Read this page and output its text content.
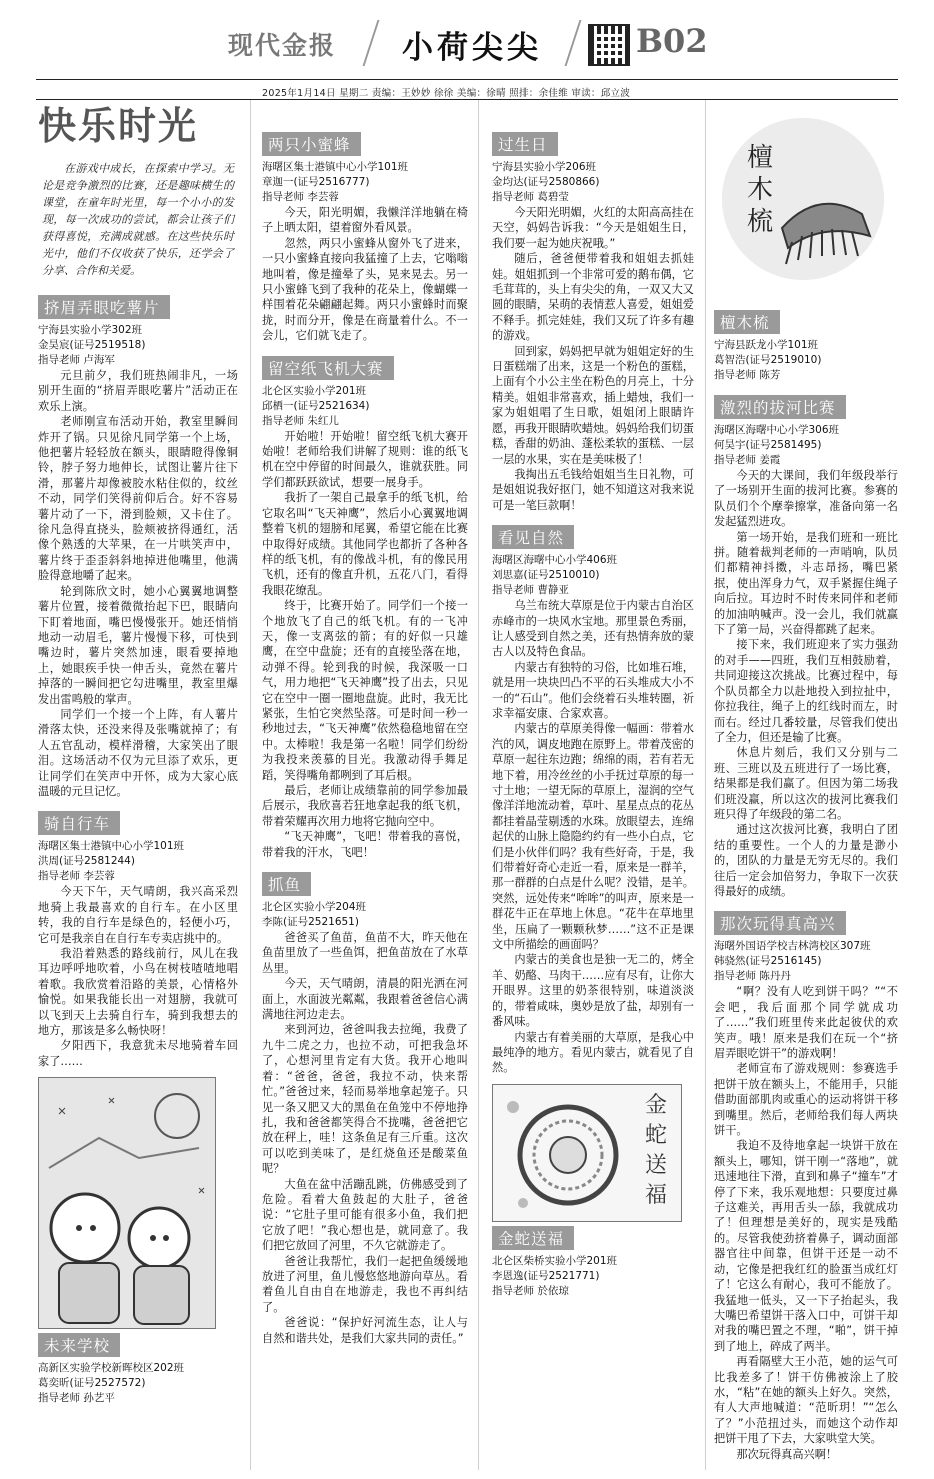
现代金报 小荷尖尖	B02
2025年1月14日 星期二 责编：王妙妙 徐徐 美编：徐晴 照排：余佳维 审读：邱立波
快乐时光

在游戏中成长，在探索中学习。无论是竞争激烈的比赛，还是趣味横生的课堂，在童年时光里，每一个小小的发现，每一次成功的尝试，都会让孩子们获得喜悦，充满成就感。在这些快乐时光中，他们不仅收获了快乐，还学会了分享、合作和关爱。

挤眉弄眼吃薯片
宁海县实验小学302班
金昊宸(证号2519518)
指导老师 卢海军

元旦前夕，我们班热闹非凡，一场别开生面的“挤眉弄眼吃薯片”活动正在欢乐上演。

老师刚宣布活动开始，教室里瞬间炸开了锅。只见徐凡同学第一个上场，他把薯片轻轻放在额头，眼睛瞪得像铜铃，脖子努力地伸长，试图让薯片往下滑，那薯片却像被胶水粘住似的，纹丝不动，同学们笑得前仰后合。好不容易薯片动了一下，滑到脸颊，又卡住了。徐凡急得直挠头，脸颊被挤得通红，活像个熟透的大苹果，在一片哄笑声中，薯片终于歪歪斜斜地掉进他嘴里，他满脸得意地嚼了起来。

轮到陈欣文时，她小心翼翼地调整薯片位置，接着微微抬起下巴，眼睛向下盯着地面，嘴巴慢慢张开。她还悄悄地动一动眉毛，薯片慢慢下移，可快到嘴边时，薯片突然加速，眼看要掉地上，她眼疾手快一伸舌头，竟然在薯片掉落的一瞬间把它勾进嘴里，教室里爆发出雷鸣般的掌声。

同学们一个接一个上阵，有人薯片滑落太快，还没来得及张嘴就掉了；有人五官乱动，模样滑稽，大家笑出了眼泪。这场活动不仅为元旦添了欢乐，更让同学们在笑声中开怀，成为大家心底温暖的元旦记忆。

骑自行车
海曙区集士港镇中心小学101班
洪周(证号2581244)
指导老师 李芸蓉

今天下午，天气晴朗，我兴高采烈地骑上我最喜欢的自行车。在小区里转，我的自行车是绿色的，轻便小巧，它可是我亲自在自行车专卖店挑中的。

我沿着熟悉的路线前行，风儿在我耳边呼呼地吹着，小鸟在树枝喳喳地唱着歌。我欣赏着沿路的美景，心情格外愉悦。如果我能长出一对翅膀，我就可以飞到天上去骑自行车，骑到我想去的地方，那该是多么畅快呀！

夕阳西下，我意犹未尽地骑着车回家了……

未来学校
高新区实验学校新晖校区202班
葛奕昕(证号2527572)
指导老师 孙艺平
两只小蜜蜂
海曙区集士港镇中心小学101班
章迦一(证号2516777)
指导老师 李芸蓉

今天，阳光明媚，我懒洋洋地躺在椅子上晒太阳，望着窗外看风景。

忽然，两只小蜜蜂从窗外飞了进来，一只小蜜蜂直接向我猛撞了上去，它嗡嗡地叫着，像是撞晕了头，晃来晃去。另一只小蜜蜂飞到了我种的花朵上，像蝴蝶一样围着花朵翩翩起舞。两只小蜜蜂时而聚拢，时而分开，像是在商量着什么。不一会儿，它们就飞走了。

留空纸飞机大赛
北仑区实验小学201班
邱栖一(证号2521634)
指导老师 朱红儿

开始啦！开始啦！留空纸飞机大赛开始啦！老师给我们讲解了规则：谁的纸飞机在空中停留的时间最久，谁就获胜。同学们都跃跃欲试，想要一展身手。

我折了一架自己最拿手的纸飞机，给它取名叫“飞天神鹰”，然后小心翼翼地调整着飞机的翅膀和尾翼，希望它能在比赛中取得好成绩。其他同学也都折了各种各样的纸飞机，有的像战斗机，有的像民用飞机，还有的像直升机，五花八门，看得我眼花缭乱。

终于，比赛开始了。同学们一个接一个地放飞了自己的纸飞机。有的一飞冲天，像一支离弦的箭；有的好似一只雄鹰，在空中盘旋；还有的直接坠落在地，动弹不得。轮到我的时候，我深吸一口气，用力地把“飞天神鹰”投了出去，只见它在空中一圈一圈地盘旋。此时，我无比紧张，生怕它突然坠落。可是时间一秒一秒地过去，“飞天神鹰”依然稳稳地留在空中。太棒啦！我是第一名啦！同学们纷纷为我投来羡慕的目光。我激动得手舞足蹈，笑得嘴角都咧到了耳后根。

最后，老师让成绩靠前的同学参加最后展示，我欣喜若狂地拿起我的纸飞机，带着荣耀再次用力地将它抛向空中。

“飞天神鹰”，飞吧！带着我的喜悦，带着我的汗水，飞吧！

抓鱼
北仑区实验小学204班
李陈(证号2521651)

爸爸买了鱼苗，鱼苗不大，昨天他在鱼苗里放了一些鱼饵，把鱼苗放在了水草丛里。

今天，天气晴朗，清晨的阳光洒在河面上，水面波光粼粼，我跟着爸爸信心满满地往河边走去。

来到河边，爸爸叫我去拉绳，我费了九牛二虎之力，也拉不动，可把我急坏了，心想河里肯定有大货。我开心地叫着：“爸爸，爸爸，我拉不动，快来帮忙。”爸爸过来，轻而易举地拿起笼子。只见一条又肥又大的黑鱼在鱼笼中不停地挣扎，我和爸爸都笑得合不拢嘴，爸爸把它放在秤上，哇！这条鱼足有三斤重。这次可以吃到美味了，是红烧鱼还是酸菜鱼呢？

大鱼在盆中活蹦乱跳，仿佛感受到了危险。看着大鱼鼓起的大肚子，爸爸说：“它肚子里可能有很多小鱼，我们把它放了吧！”我心想也是，就同意了。我们把它放回了河里，不久它就游走了。

爸爸让我帮忙，我们一起把鱼缓缓地放进了河里，鱼儿慢悠悠地游向草丛。看着鱼儿自由自在地游走，我也不再纠结了。

爸爸说：“保护好河流生态，让人与自然和谐共处，是我们大家共同的责任。”

过生日
宁海县实验小学206班
金均达(证号2580866)
指导老师 葛碧莹

今天阳光明媚，火红的太阳高高挂在天空，妈妈告诉我：“今天是姐姐生日，我们要一起为她庆祝哦。”

随后，爸爸便带着我和姐姐去抓娃娃。姐姐抓到一个非常可爱的鹅布偶，它毛茸茸的，头上有尖尖的角，一双又大又圆的眼睛，呆萌的表情惹人喜爱，姐姐爱不释手。抓完娃娃，我们又玩了许多有趣的游戏。

回到家，妈妈把早就为姐姐定好的生日蛋糕端了出来，这是一个粉色的蛋糕，上面有个小公主坐在粉色的月亮上，十分精美。姐姐非常喜欢，插上蜡烛，我们一家为姐姐唱了生日歌，姐姐闭上眼睛许愿，再我开眼睛吹蜡烛。妈妈给我们切蛋糕，香甜的奶油、蓬松柔软的蛋糕、一层一层的水果，实在是美味极了！

我掏出五毛钱给姐姐当生日礼物，可是姐姐说我好抠门，她不知道这对我来说可是一笔巨款啊！

看见自然
海曙区海曙中心小学406班
刘思嘉(证号2510010)
指导老师 曹静亚

乌兰布统大草原是位于内蒙古自治区赤峰市的一块风水宝地。那里景色秀丽，让人感受到自然之美，还有热情奔放的蒙古人以及特色食品。

内蒙古有独特的习俗，比如堆石堆，就是用一块块凹凸不平的石头堆成大小不一的“石山”。他们会绕着石头堆转圈，祈求幸福安康、合家欢喜。

内蒙古的草原美得像一幅画：带着水汽的风，调皮地跑在原野上。带着茂密的草原一起往东边跑；绵绵的雨，若有若无地下着，用冷丝丝的小手抚过草原的每一寸土地；一望无际的草原上，湿润的空气像洋洋地流动着，草叶、星星点点的花丛都挂着晶莹剔透的水珠。放眼望去，连绵起伏的山脉上隐隐约约有一些小白点，它们是小伙伴们吗？我有些好奇，于是，我们带着好奇心走近一看，原来是一群羊，那一群群的白点是什么呢？没错，是羊。突然，远处传来“哞哞”的叫声，原来是一群花牛正在草地上休息。“花牛在草地里坐，压扁了一颗颗秋梦……”这不正是课文中所描绘的画面吗？

内蒙古的美食也是独一无二的，烤全羊、奶酪、马肉干……应有尽有，让你大开眼界。这里的奶茶很特别，味道淡淡的，带着咸味，奥妙是放了盐，却别有一番风味。

内蒙古有着美丽的大草原，是我心中最纯净的地方。看见内蒙古，就看见了自然。

金蛇送福
金蛇送福
北仑区柴桥实验小学201班
李恩逸(证号2521771)
指导老师 於依琼
檀木梳
檀木梳
宁海县跃龙小学101班
葛智浩(证号2519010)
指导老师 陈芳
激烈的拔河比赛
海曙区海曙中心小学306班
何昊宇(证号2581495)
指导老师 姜霞

今天的大课间，我们年级段举行了一场别开生面的拔河比赛。参赛的队员们个个摩拳擦掌，准备向第一名发起猛烈进攻。

第一场开始，是我们班和一班比拼。随着裁判老师的一声哨响，队员们都精神抖擞，斗志昂扬，嘴巴紧抿，使出浑身力气，双手紧握住绳子向后拉。耳边时不时传来同伴和老师的加油呐喊声。没一会儿，我们就赢下了第一局，兴奋得都跳了起来。

接下来，我们班迎来了实力强劲的对手——四班，我们互相鼓励着，共同迎接这次挑战。比赛过程中，每个队员都全力以赴地投入到拉扯中，你拉我往，绳子上的红线时而左，时而右。经过几番较量，尽管我们使出了全力，但还是输了比赛。

休息片刻后，我们又分别与二班、三班以及五班进行了一场比赛，结果都是我们赢了。但因为第二场我们班没赢，所以这次的拔河比赛我们班只得了年级段的第二名。

通过这次拔河比赛，我明白了团结的重要性。一个人的力量是渺小的，团队的力量是无穷无尽的。我们往后一定会加倍努力，争取下一次获得最好的成绩。

那次玩得真高兴
海曙外国语学校吉林湾校区307班
韩骁然(证号2516145)
指导老师 陈丹丹

“啊？没有人吃到饼干吗？”“不会吧，我后面那个同学就成功了……”我们班里传来此起彼伏的欢笑声。哦！原来是我们在玩一个“挤眉弄眼吃饼干”的游戏啊！

老师宣布了游戏规则：参赛选手把饼干放在额头上，不能用手，只能借助面部肌肉或重心的运动将饼干移到嘴里。然后，老师给我们每人两块饼干。

我迫不及待地拿起一块饼干放在额头上，哪知，饼干刚一“落地”，就迅速地往下滑，直到和鼻子“撞车”才停了下来，我乐观地想：只要度过鼻子这难关，再用舌头一舔，我就成功了！但理想是美好的，现实是残酷的。尽管我使劲挤着鼻子，调动面部器官往中间靠，但饼干还是一动不动，它像是把我红红的脸蛋当成红灯了！它这么有耐心，我可不能放了。我猛地一低头，又一下子抬起头，我大嘴巴希望饼干落入口中，可饼干却对我的嘴巴置之不理，“啪”，饼干掉到了地上，碎成了两半。

再看隔壁大王小范，她的运气可比我差多了！饼干仿佛被涂上了胶水，“粘”在她的额头上好久。突然，有人大声地喊道：“范昕玥！”“怎么了？”小范扭过头，而她这个动作却把饼干甩了下去，大家哄堂大笑。

那次玩得真高兴啊！
